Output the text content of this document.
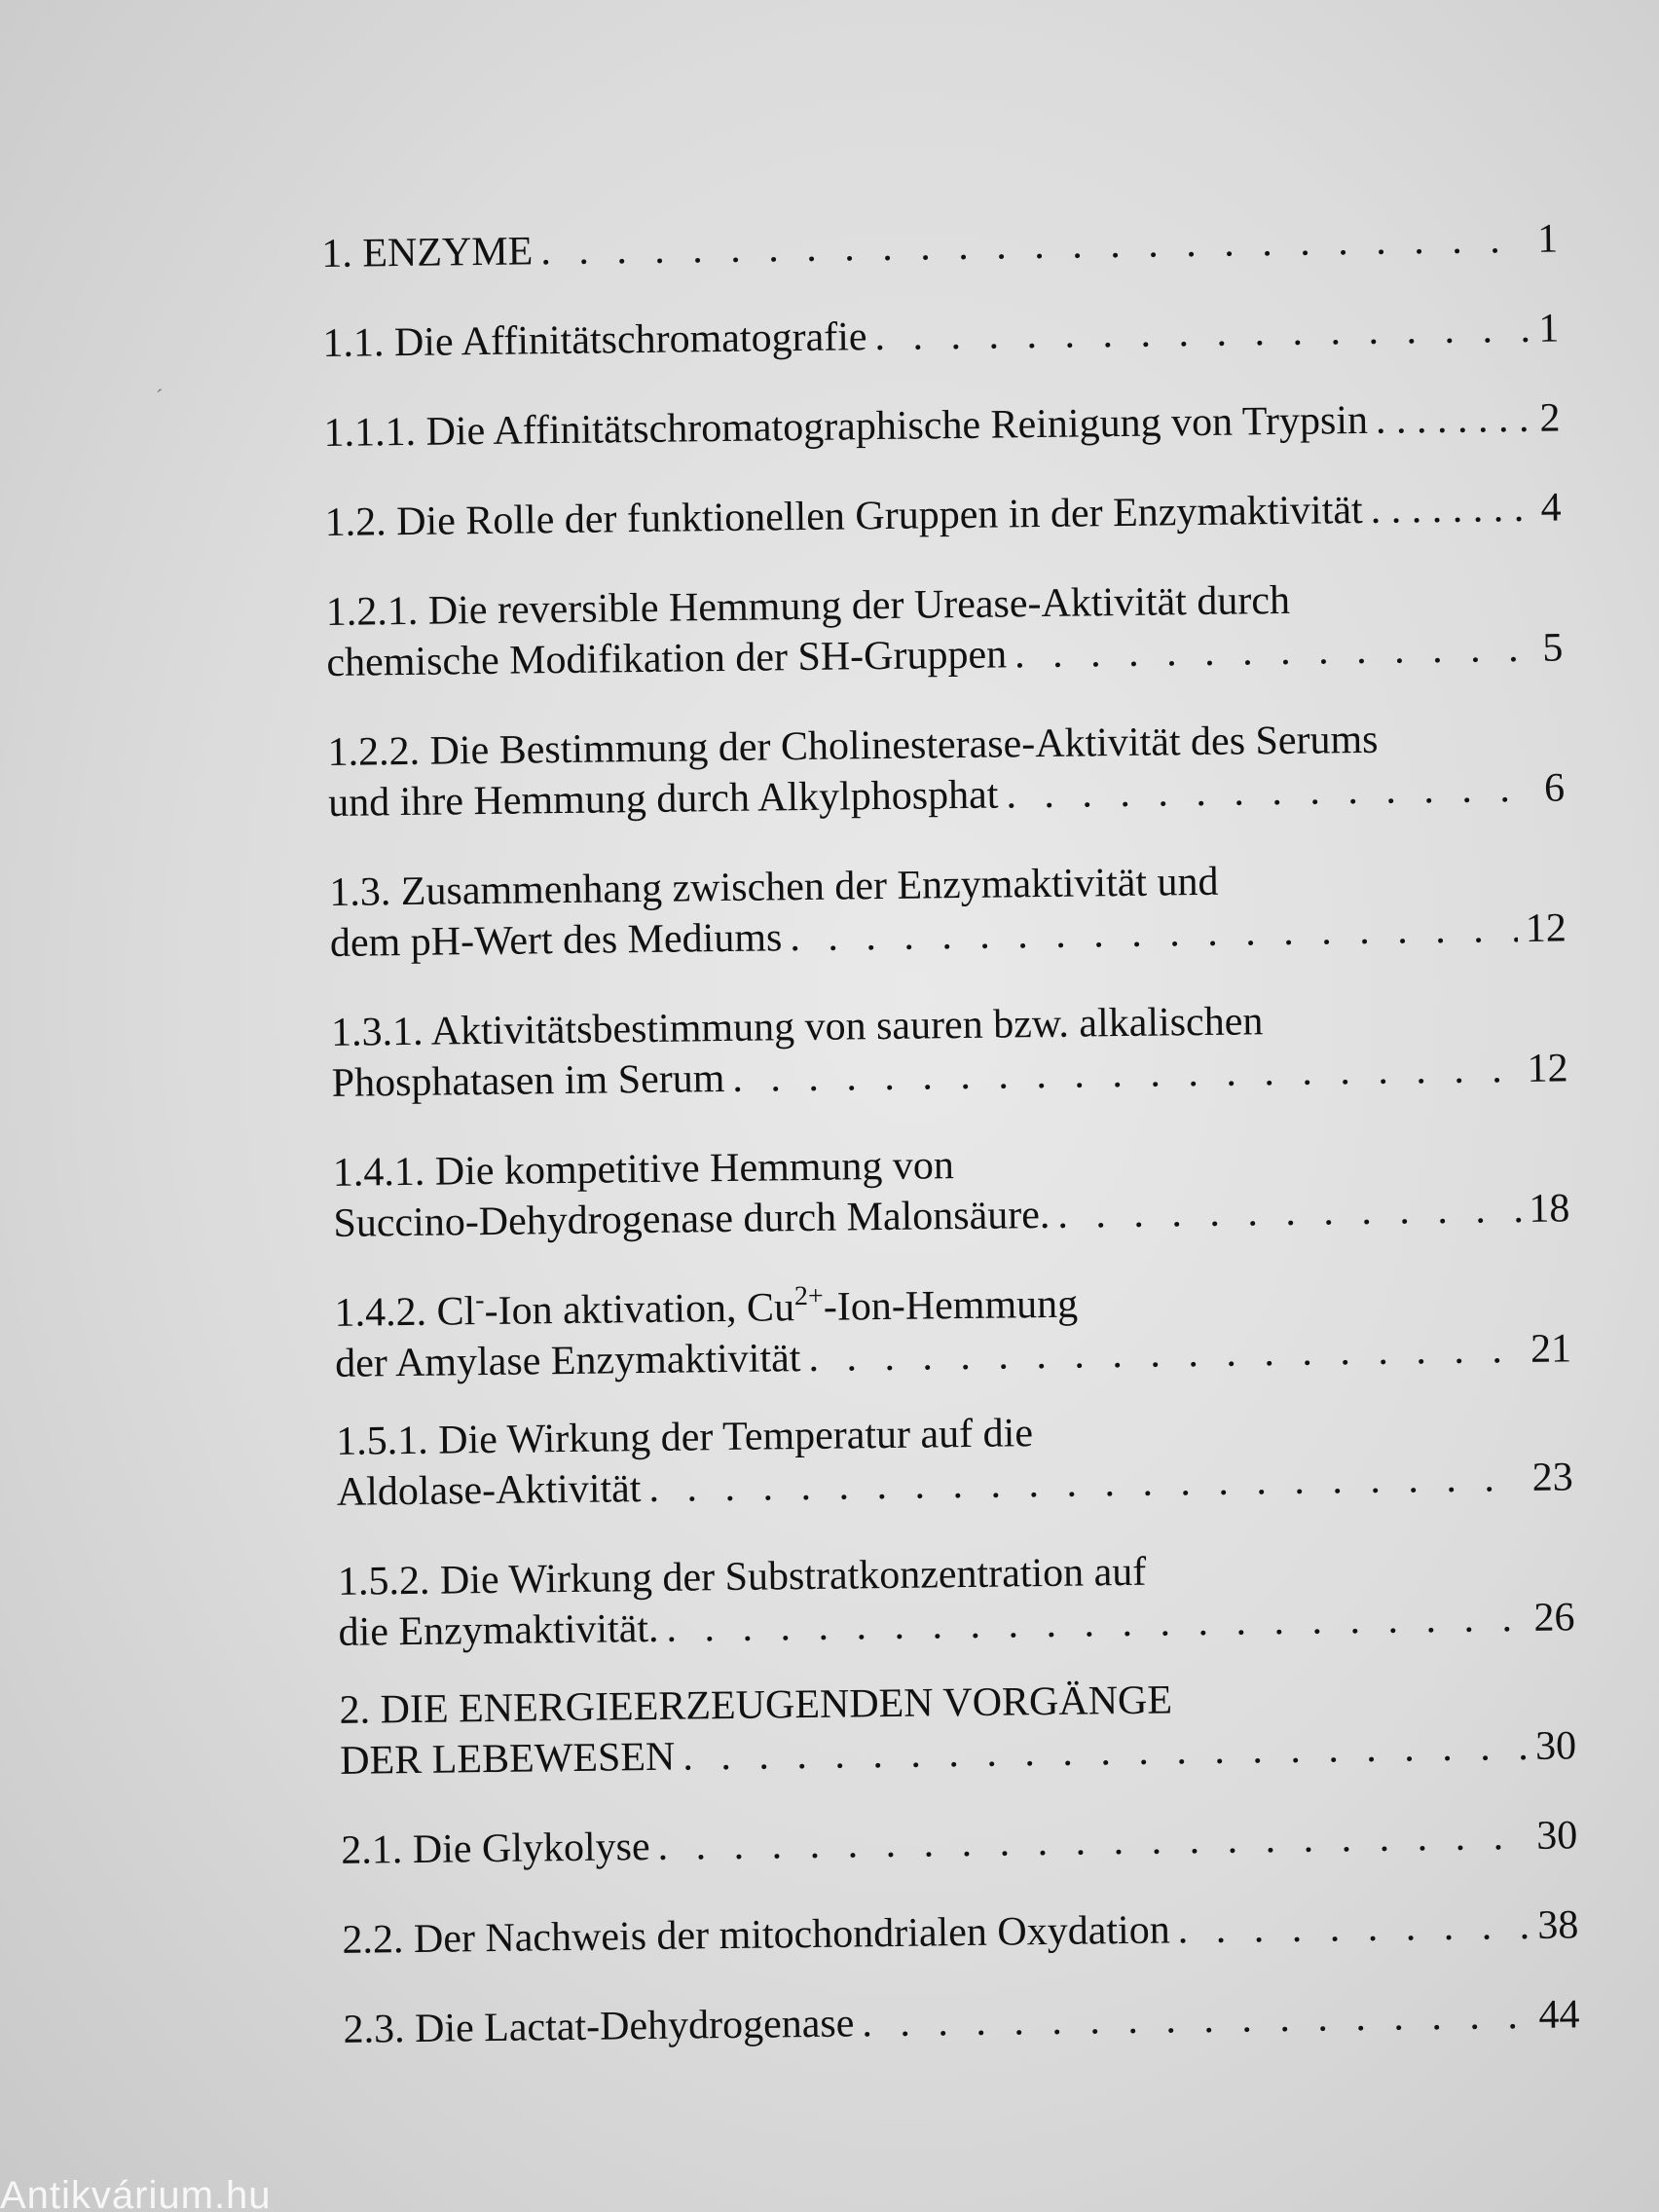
1. ENZYME . . .	1
1.1. Die Affinitätschromatografie . . .	1
1.1.1. Die Affinitätschromatographische Reinigung von Trypsin . . .	2
1.2. Die Rolle der funktionellen Gruppen in der Enzymaktivität . . .	4
1.2.1. Die reversible Hemmung der Urease-Aktivität durch
chemische Modifikation der SH-Gruppen . . .	5
1.2.2. Die Bestimmung der Cholinesterase-Aktivität des Serums
und ihre Hemmung durch Alkylphosphat . . .	6
1.3. Zusammenhang zwischen der Enzymaktivität und
dem pH-Wert des Mediums . . .	12
1.3.1. Aktivitätsbestimmung von sauren bzw. alkalischen
Phosphatasen im Serum . . .	12
1.4.1. Die kompetitive Hemmung von
Succino-Dehydrogenase durch Malonsäure. . . .	18
1.4.2. Cl--Ion aktivation, $Cu^{2+}-Ion$-Hemmung
der Amylase Enzymaktivität . . .	21
1.5.1. Die Wirkung der Temperatur auf die
Aldolase-Aktivität . . .	23
1.5.2. Die Wirkung der Substratkonzentration auf
die Enzymaktivität. . . .	26
2. DIE ENERGIEERZEUGENDEN VORGÄNGE
DER LEBEWESEN . . .	30
2.1. Die Glykolyse . . .	30
2.2. Der Nachweis der mitochondrialen Oxydation . . .	38
2.3. Die Lactat-Dehydrogenase . . .	44
´
Antikvárium.hu
